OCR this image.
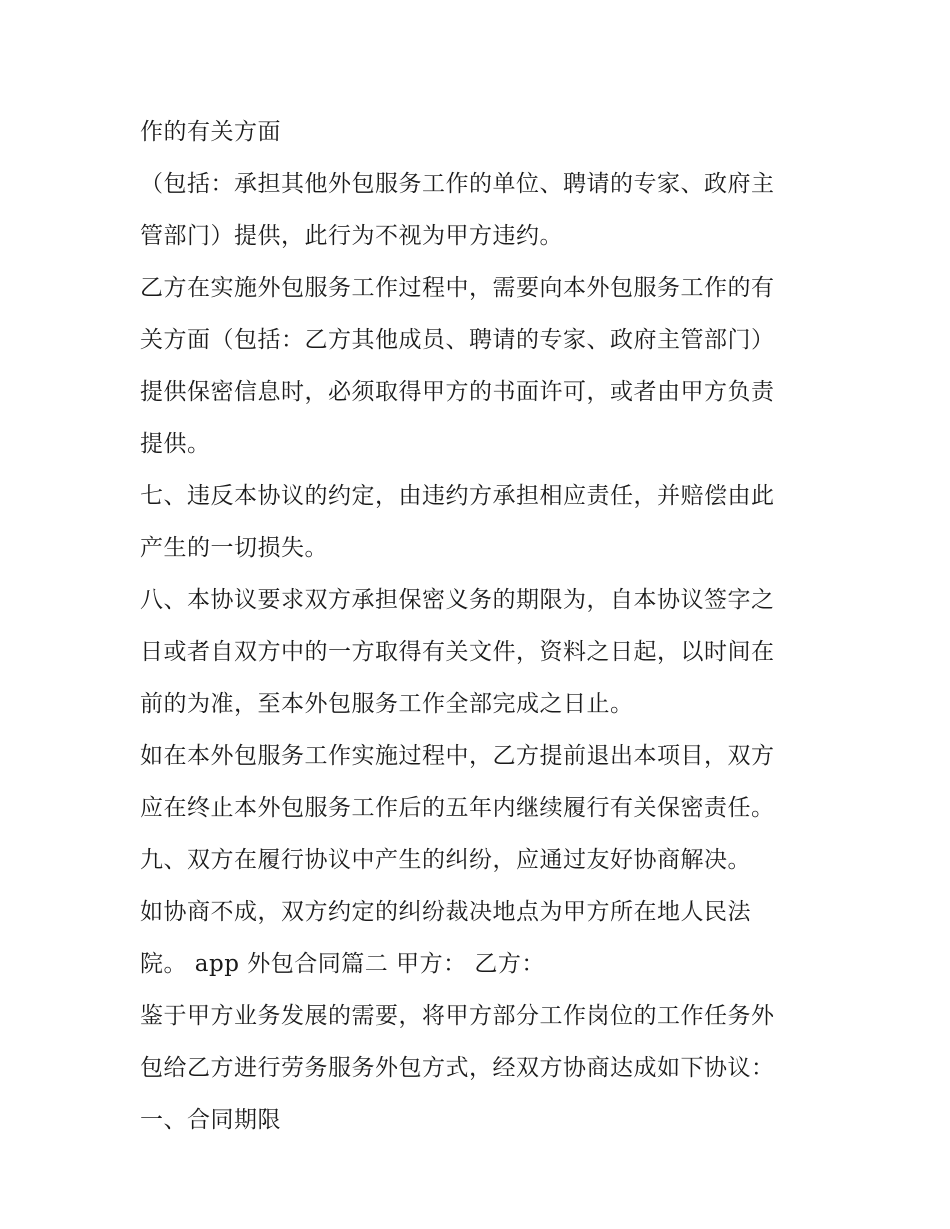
作的有关方面
（包括：承担其他外包服务工作的单位、聘请的专家、政府主
管部门）提供，此行为不视为甲方违约。
乙方在实施外包服务工作过程中，需要向本外包服务工作的有
关方面（包括：乙方其他成员、聘请的专家、政府主管部门）
提供保密信息时，必须取得甲方的书面许可，或者由甲方负责
提供。
七、违反本协议的约定，由违约方承担相应责任，并赔偿由此
产生的一切损失。
八、本协议要求双方承担保密义务的期限为，自本协议签字之
日或者自双方中的一方取得有关文件，资料之日起，以时间在
前的为准，至本外包服务工作全部完成之日止。
如在本外包服务工作实施过程中，乙方提前退出本项目，双方
应在终止本外包服务工作后的五年内继续履行有关保密责任。
九、双方在履行协议中产生的纠纷，应通过友好协商解决。
如协商不成，双方约定的纠纷裁决地点为甲方所在地人民法
院。 app 外包合同篇二 甲方： 乙方：
鉴于甲方业务发展的需要，将甲方部分工作岗位的工作任务外
包给乙方进行劳务服务外包方式，经双方协商达成如下协议：
一、合同期限
